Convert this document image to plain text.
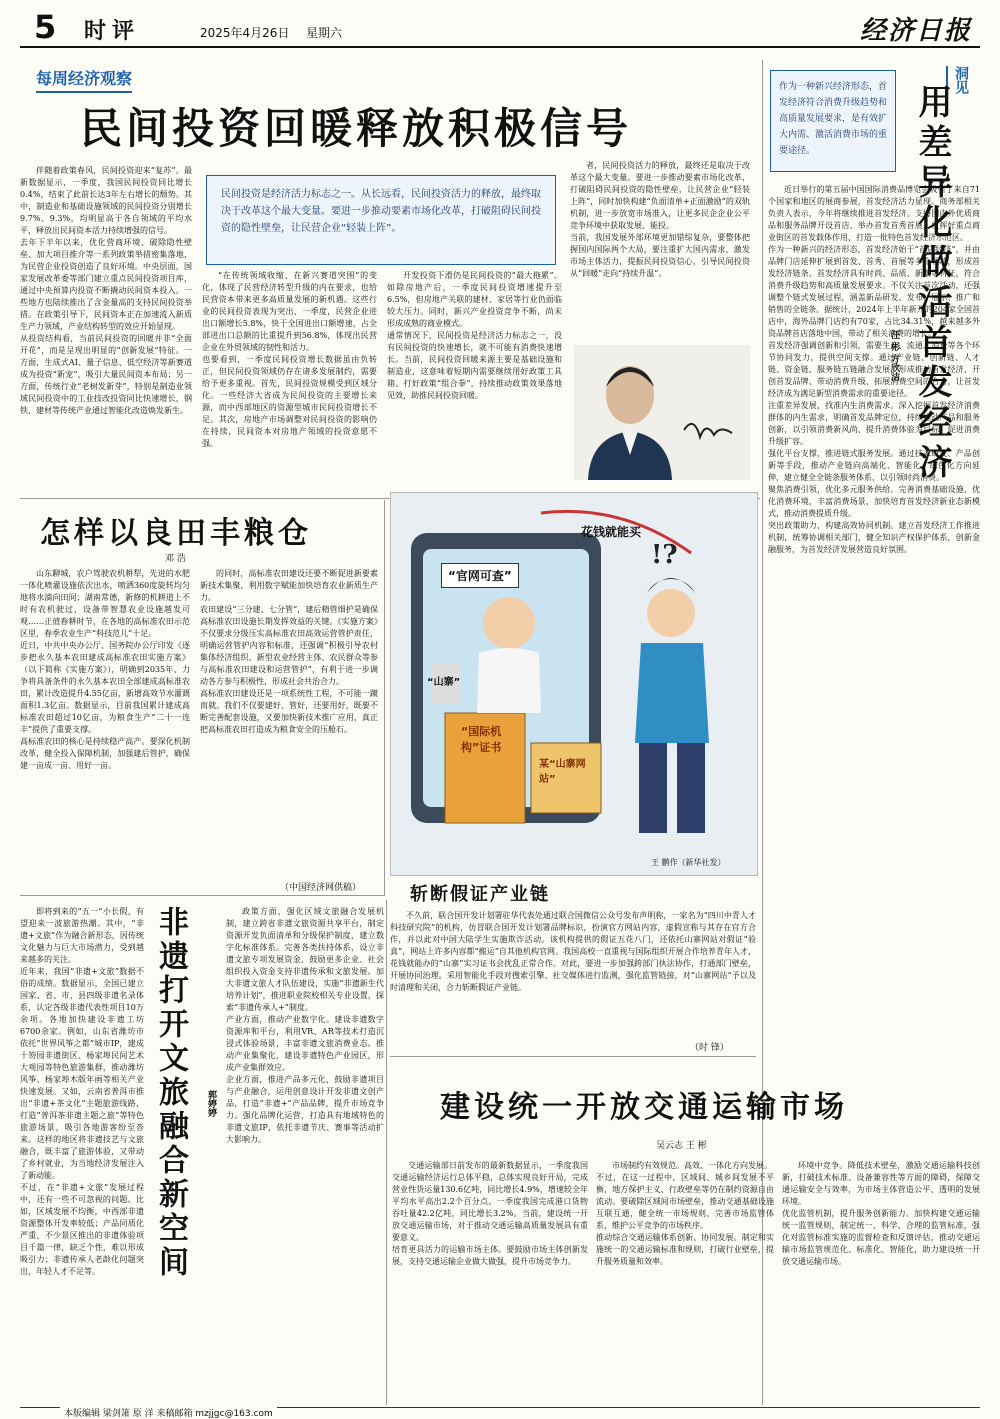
5 时评	2025年4月26日 星期六	经济日报
每周经济观察
民间投资回暖释放积极信号
民间投资是经济活力标志之一。从长远看，民间投资活力的释放，最终取决于改革这个最大变量。要进一步推动要素市场化改革，打破阻碍民间投资的隐性壁垒，让民营企业“轻装上阵”。
伴随着政策春风，民间投资迎来“复苏”。最新数据显示，一季度，我国民间投资同比增长0.4%，结束了此前长达3年左右增长的颓势。其中，制造业和基础设施领域的民间投资分别增长9.7%、9.3%，均明显高于各自领域的平均水平，释放出民间资本活力持续增强的信号。
去年下半年以来，优化营商环境、破除隐性壁垒、加大项目推介等一系列政策举措密集落地，为民营企业投资创造了良好环境。中央层面，国家发展改革委等部门建立重点民间投资项目库，通过中央预算内投资不断撬动民间资本投入。一些地方也陆续推出了含金量高的支持民间投资举措。在政策引导下，民间资本正在加速流入新质生产力领域，产业结构转型的效应开始显现。
从投资结构看，当前民间投资的回暖并非“全面开花”，而是呈现出明显的“创新发展”特征。一方面，生成式AI、量子信息、低空经济等新赛道成为投资“新宠”，吸引大量民间资本布局；另一方面，传统行业“老树发新芽”，特别是制造业领域民间投资中的工业技改投资同比快速增长，钢铁、建材等传统产业通过智能化改造焕发新生。
“在传统领域收缩、在新兴赛道突围”的变化，体现了民营经济转型升级的内在要求，也给民营资本带来更多高质量发展的新机遇。这些行业的民间投资表现为突出，一季度，民营企业进出口额增长5.8%，快于全国进出口额增速，占全部进出口总额的比重提升到56.8%，体现出民营企业在外贸领域的韧性和活力。
也要看到，一季度民间投资增长数据虽由负转正，但民间投资领域仍存在诸多发展制约，需要给予更多重视。首先，民间投资规模受到区域分化。一些经济大省成为民间投资的主要增长来源，而中西部地区的资源型城市民间投资增长不足。其次，房地产市场调整对民间投资的影响仍在持续，民间资本对房地产领域的投资意愿不强。
开发投资下滑仍是民间投资的“最大拖累”。如除房地产后，一季度民间投资增速提升至6.5%，但房地产关联的建材、家居等行业仍面临较大压力。同时，新兴产业投资竞争不断，尚未形成成熟的商业模式。
通常情况下，民间投资是经济活力标志之一，没有民间投资的快速增长，就不可能有消费快速增长。当前，民间投资回暖来源主要是基础设施和制造业，这意味着短期内需要继续用好政策工具箱、打好政策“组合拳”，持续推动政策效果落地见效，助推民间投资回暖。
者，民间投资活力的释放，最终还是取决于改革这个最大变量。要进一步推动要素市场化改革，打破阻碍民间投资的隐性壁垒，让民营企业“轻装上阵”，同时加快构建“负面清单+正面激励”的双轨机制，进一步放宽市场准入，让更多民企企业公平竞争环境中获取发展、能投。
当前，我国发展外部环境更加错综复杂，要整体把握国内国际两个大局，要注重扩大国内需求，激发市场主体活力，提振民间投资信心，引导民间投资从“回暖”走向“持续升温”。
洞见
用差异化做活首发经济
汪 彬 方欣洁
作为一种新兴经济形态，首发经济符合消费升级趋势和高质量发展要求，是有效扩大内需、激活消费市场的重要途径。
近日举行的第五届中国国际消费品博览会吸引了来自71个国家和地区的展商参展，首发经济活力显现。商务部相关负责人表示，今年将继续推进首发经济。支持国内外优质商品和服务品牌开设首店、举办首发首秀首展，发挥好重点商业街区的首发载体作用，打造一批特色首发经济示范区。
作为一种新兴的经济形态，首发经济始于“首店经济”，并由品牌门店延伸扩展到首发、首秀、首展等多个领域，形成首发经济链条。首发经济具有时尚、品质、新潮等特征，符合消费升级趋势和高质量发展要求。不仅关注首次活动，还强调整个链式发展过程，涵盖新品研发、发布、展示、推广和销售的全链条。据统计，2024年上半年新开的204家全国首店中，海外品牌门店约有70家，占比34.31%，越来越多外资品牌首店落地中国，带动了相关消费的增长。
首发经济强调创新和引领，需要生产、流通、消费等各个环节协同发力，提供空间支撑。通过产业链、创新链、人才链、资金链、服务链五链融合发展，形成推动首发经济、开创首发品牌、带动消费升级、拓展消费空间的合力，让首发经济成为满足新型消费需求的重要途径。
注重差异发展，找准内生消费需求。深入挖掘首发经济消费群体的内生需求，明确首发品牌定位，持续推动产品和服务创新，以引领消费新风尚、提升消费体验为目标，促进消费升级扩容。
强化平台支撑，推进链式服务发展。通过技术研发、产品创新等手段，推动产业链向高端化、智能化、绿色化方向延伸，建立健全全链条服务体系，以引领时尚消费。
聚焦消费引领，优化多元服务供给。完善消费基础设施，优化消费环境，丰富消费场景，加快培育首发经济新业态新模式，推动消费提质升级。
突出政策助力，构建高效协同机制。建立首发经济工作推进机制，统筹协调相关部门，健全知识产权保护体系，创新金融服务，为首发经济发展营造良好氛围。
怎样以良田丰粮仓
邓 浩
山东聊城，农户驾驶农机耕犁，先进的水肥一体化喷灌设施依次出水，喷洒360度旋转均匀地将水滴向田间；湖南常德，新修的机耕道上不时有农机驶过，设备带智慧农业设施越发可观……正值春耕时节，在各地的高标准农田示范区里，春季农业生产“科技范儿”十足。
近日，中共中央办公厅、国务院办公厅印发《逐步把永久基本农田建成高标准农田实施方案》（以下简称《实施方案》），明确到2035年，力争将具备条件的永久基本农田全部建成高标准农田，累计改造提升4.55亿亩，新增高效节水灌溉面积1.3亿亩。数据显示，目前我国累计建成高标准农田超过10亿亩，为粮食生产“二十一连丰”提供了重要支撑。
高标准农田的核心是持续稳产高产。要深化机制改革，健全投入保障机制，加强建后管护，确保建一亩成一亩、用好一亩。
的同时，高标准农田建设还要不断促进新要素新技术集聚，利用数字赋能加快培育农业新质生产力。
农田建设“三分建、七分管”，建后精管细护是确保高标准农田设施长期发挥效益的关键。《实施方案》不仅要求分级压实高标准农田高效运营管护责任，明确运营管护内容和标准，还强调“积极引导农村集体经济组织、新型农业经营主体、农民群众等参与高标准农田建设和运营管护”，有利于进一步调动各方参与积极性，形成社会共治合力。
高标准农田建设还是一项系统性工程，不可能一蹴而就。我们不仅要建好、管好，还要用好，既要不断完善配套设施，又要加快新技术推广应用，真正把高标准农田打造成为粮食安全的压舱石。
（中国经济网供稿）
!?
花钱就能买
“官网可查”
“国际机构”证书
某“山寨网站”
“山寨”
王 鹏作（新华社发）
斩断假证产业链
不久前，联合国开发计划署驻华代表处通过联合国微信公众号发布声明称，一家名为“四川中青人才科技研究院”的机构，仿冒联合国开发计划署品牌标识，扮演官方网站内容，虚假宣称与其存在官方合作，并以此对中国大陆学生实施欺诈活动。该机构提供的假证五花八门，还依托山寨网站对假证“验真”，网站上许多内容都“搬运”自其他机构官网。我国高校一直重视与国际组织开展合作培养青年人才，花钱就能办的“山寨”实习证书会扰乱正常合作。对此，要进一步加强跨部门执法协作，打通部门壁垒，开展协同治理。采用智能化手段对搜索引擎、社交媒体进行监测，强化监管链接，对“山寨网站”予以及时清理和关闭，合力斩断假证产业链。
（时 锋）
非遗打开文旅融合新空间	郭婷婷
即将到来的“五一”小长假，有望迎来一波旅游热潮。其中，“非遗+文旅”作为融合新形态，因传统文化魅力与巨大市场潜力，受到越来越多的关注。
近年来，我国“非遗+文旅”数据不俗的成绩。数据显示，全国已建立国家、省、市、县四级非遗名录体系，认定各级非遗代表性项目10万余项。各地加快建设非遗工坊6700余家。例如，山东省潍坊市依托“世界风筝之都”城市IP，建成十笏园非遗街区、杨家埠民间艺术大观园等特色旅游集群，推动潍坊风筝、杨家埠木版年画等相关产业快速发展。又如，云南省普洱市推出“非遗+茶文化”主题旅游线路，打造“普洱茶非遗主题之旅”等特色旅游场景，吸引各地游客纷至沓来。这样的地区将非遗技艺与文旅融合，既丰富了旅游体验，又带动了乡村就业，为当地经济发展注入了新动能。
不过，在“非遗+文旅”发展过程中，还有一些不可忽视的问题。比如，区域发展不均衡，中西部非遗资源整体开发率较低；产品同质化严重，不少景区推出的非遗体验项目千篇一律，缺乏个性，难以形成吸引力；非遗传承人老龄化问题突出，年轻人才不足等。
政策方面，强化区域文旅融合发展机制，建立跨省非遗文旅资源共享平台，制定资源开发负面清单和分级保护制度，建立数字化标准体系。完善各类扶持体系，设立非遗文旅专项发展资金，鼓励更多企业、社会组织投入资金支持非遗传承和文旅发展。加大非遗文旅人才队伍建设，实施“非遗新生代培养计划”，推进职业院校相关专业设置，探索“非遗传承人+”制度。
产业方面，推动产业数字化。建设非遗数字资源库和平台，利用VR、AR等技术打造沉浸式体验场景，丰富非遗文旅消费业态。推动产业集聚化，建设非遗特色产业园区，形成产业集群效应。
企业方面，推进产品多元化，鼓励非遗项目与产业融合，运用创意设计开发非遗文创产品，打造“非遗+”产品品牌，提升市场竞争力。强化品牌化运营，打造具有地域特色的非遗文旅IP，依托非遗节庆、赛事等活动扩大影响力。
建设统一开放交通运输市场
吴云志 王 彬
交通运输部日前发布的最新数据显示，一季度我国交通运输经济运行总体平稳，总体实现良好开局，完成营业性货运量130.6亿吨，同比增长4.9%，增速较全年平均水平高出2.2个百分点。一季度我国完成港口货物吞吐量42.2亿吨，同比增长3.2%。当前，建设统一开放交通运输市场，对于推动交通运输高质量发展具有重要意义。
培育更具活力的运输市场主体。要鼓励市场主体创新发展，支持交通运输企业做大做强，提升市场竞争力。
市场制约有效规范。高效、一体化方向发展。
不过，在这一过程中，区域间、城乡间发展不平衡，地方保护主义、行政壁垒等仍在制约资源自由流动。要破除区域间市场壁垒，推动交通基础设施互联互通，健全统一市场规则，完善市场监管体系，维护公平竞争的市场秩序。
推动综合交通运输体系创新、协同发展。制定和实施统一的交通运输标准和规则，打破行业壁垒，提升服务质量和效率。
环境中竞争。降低技术壁垒，激励交通运输科技创新，打破技术标准、设备兼容性等方面的障碍，保障交通运输安全与效率，为市场主体营造公平、透明的发展环境。
优化监管机制，提升服务创新能力。加快构建交通运输统一监管规则，制定统一、科学、合理的监管标准，强化对监管标准实施的监督检查和反馈评估，推动交通运输市场监管规范化、标准化、智能化，助力建设统一开放交通运输市场。
本版编辑 梁剑箫 原 洋 来稿邮箱 mzjjgc@163.com
